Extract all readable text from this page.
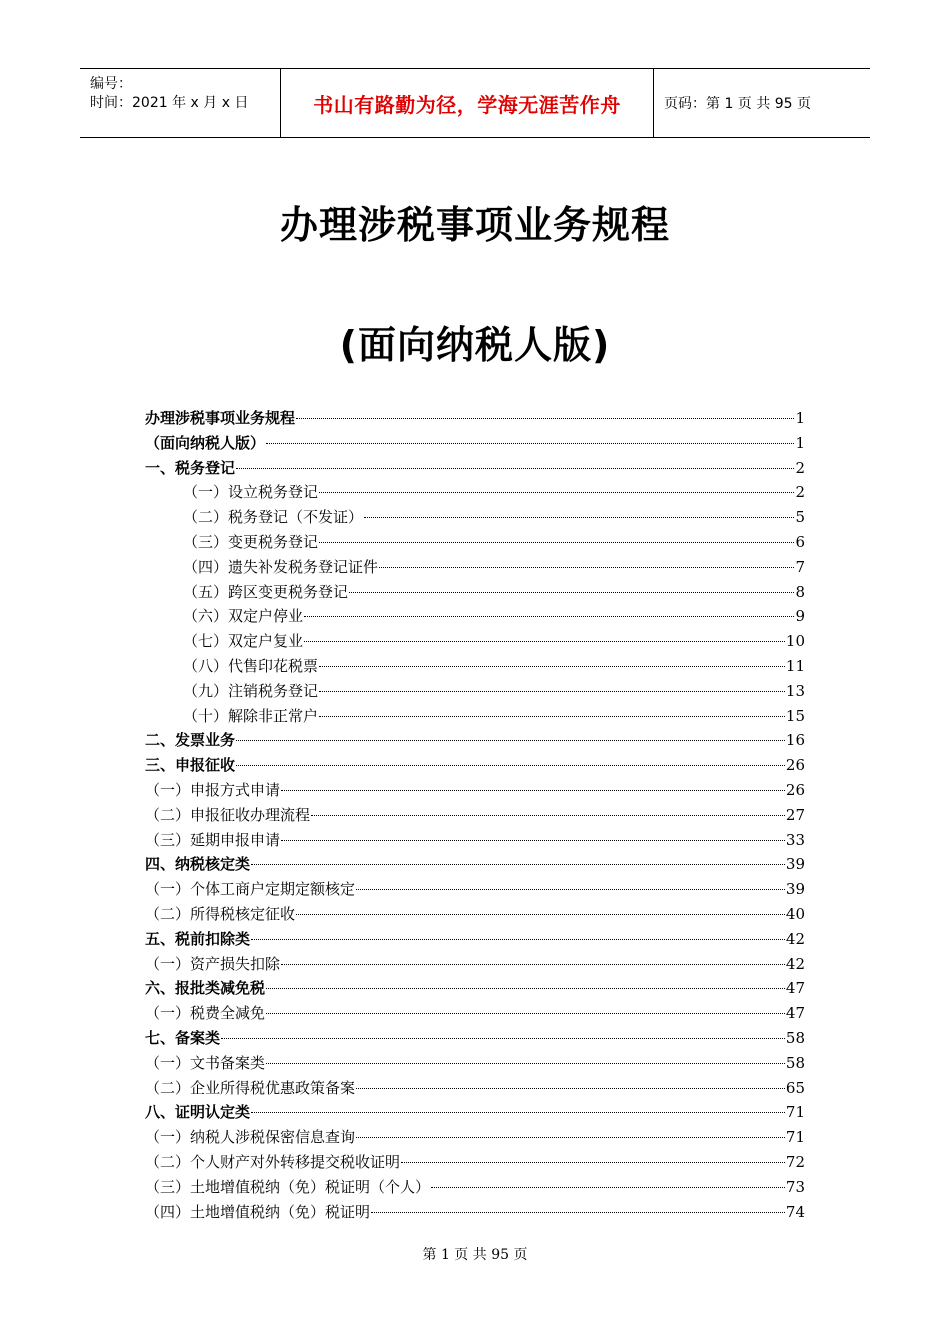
编号：
时间：2021 年 x 月 x 日	书山有路勤为径，学海无涯苦作舟	页码：第 1 页 共 95 页
办理涉税事项业务规程
(面向纳税人版)
办理涉税事项业务规程	1
（面向纳税人版）	1
一、税务登记	2
（一）设立税务登记	2
（二）税务登记（不发证）	5
（三）变更税务登记	6
（四）遗失补发税务登记证件	7
（五）跨区变更税务登记	8
（六）双定户停业	9
（七）双定户复业	10
（八）代售印花税票	11
（九）注销税务登记	13
（十）解除非正常户	15
二、发票业务	16
三、申报征收	26
（一）申报方式申请	26
（二）申报征收办理流程	27
（三）延期申报申请	33
四、纳税核定类	39
（一）个体工商户定期定额核定	39
（二）所得税核定征收	40
五、税前扣除类	42
（一）资产损失扣除	42
六、报批类减免税	47
（一）税费全减免	47
七、备案类	58
（一）文书备案类	58
（二）企业所得税优惠政策备案	65
八、证明认定类	71
（一）纳税人涉税保密信息查询	71
（二）个人财产对外转移提交税收证明	72
（三）土地增值税纳（免）税证明（个人）	73
（四）土地增值税纳（免）税证明	74
第 1 页 共 95 页
